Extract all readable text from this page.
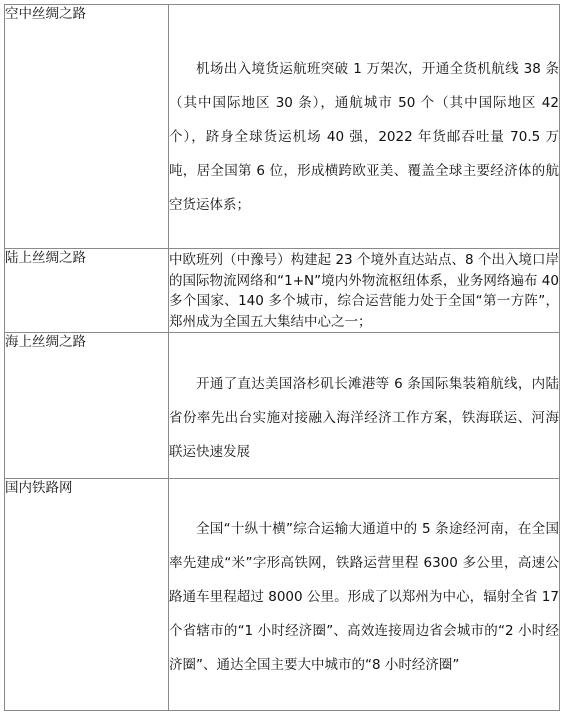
空中丝绸之路	机场出入境货运航班突破 1 万架次，开通全货机航线 38 条（其中国际地区 30 条），通航城市 50 个（其中国际地区 42 个），跻身全球货运机场 40 强，2022 年货邮吞吐量 70.5 万吨，居全国第 6 位，形成横跨欧亚美、覆盖全球主要经济体的航空货运体系；

陆上丝绸之路	中欧班列（中豫号）构建起 23 个境外直达站点、8 个出入境口岸的国际物流网络和“1+N”境内外物流枢纽体系，业务网络遍布 40 多个国家、140 多个城市，综合运营能力处于全国“第一方阵”，郑州成为全国五大集结中心之一；

海上丝绸之路	开通了直达美国洛杉矶长滩港等 6 条国际集装箱航线，内陆省份率先出台实施对接融入海洋经济工作方案，铁海联运、河海联运快速发展

国内铁路网	全国“十纵十横”综合运输大通道中的 5 条途经河南，在全国率先建成“米”字形高铁网，铁路运营里程 6300 多公里，高速公路通车里程超过 8000 公里。形成了以郑州为中心，辐射全省 17 个省辖市的“1 小时经济圈”、高效连接周边省会城市的“2 小时经济圈”、通达全国主要大中城市的“8 小时经济圈”
